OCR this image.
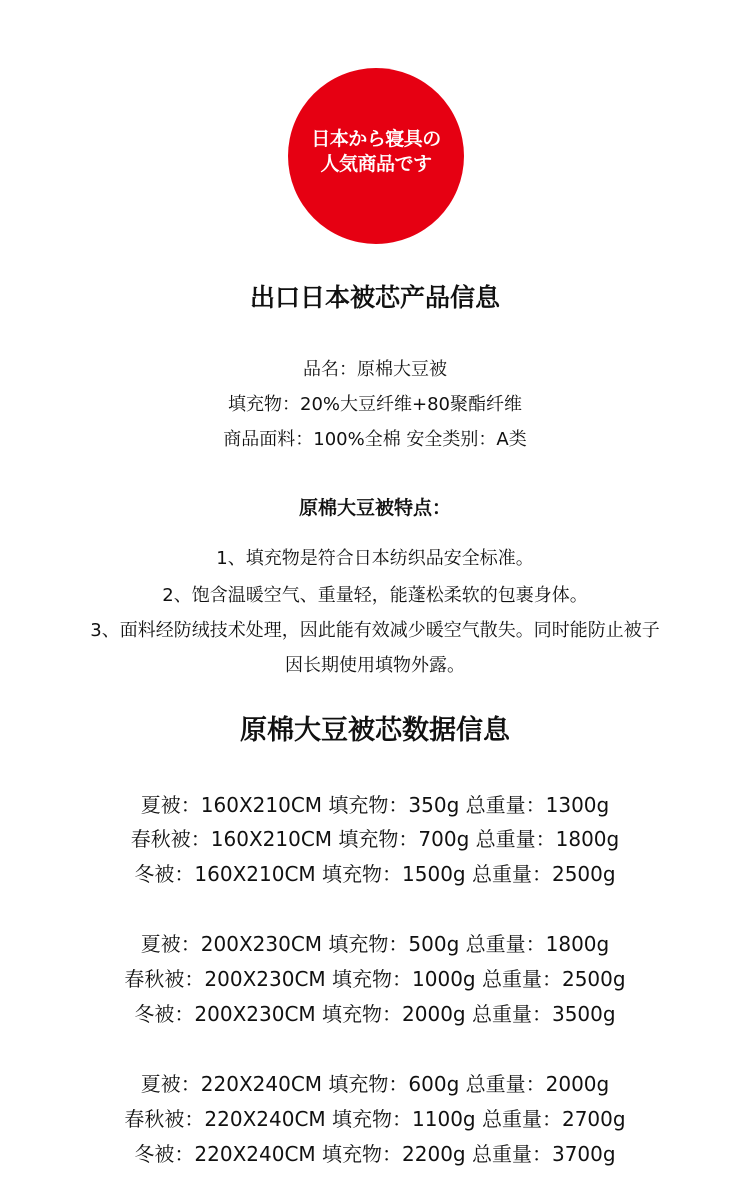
日本から寝具の
人気商品です
出口日本被芯产品信息
品名：原棉大豆被
填充物：20%大豆纤维+80聚酯纤维
商品面料：100%全棉 安全类别：A类
原棉大豆被特点：
1、填充物是符合日本纺织品安全标准。
2、饱含温暖空气、重量轻，能蓬松柔软的包裹身体。
3、面料经防绒技术处理，因此能有效减少暖空气散失。同时能防止被子
因长期使用填物外露。
原棉大豆被芯数据信息
夏被：160X210CM 填充物：350g 总重量：1300g
春秋被：160X210CM 填充物：700g 总重量：1800g
冬被：160X210CM 填充物：1500g 总重量：2500g
夏被：200X230CM 填充物：500g 总重量：1800g
春秋被：200X230CM 填充物：1000g 总重量：2500g
冬被：200X230CM 填充物：2000g 总重量：3500g
夏被：220X240CM 填充物：600g 总重量：2000g
春秋被：220X240CM 填充物：1100g 总重量：2700g
冬被：220X240CM 填充物：2200g 总重量：3700g
